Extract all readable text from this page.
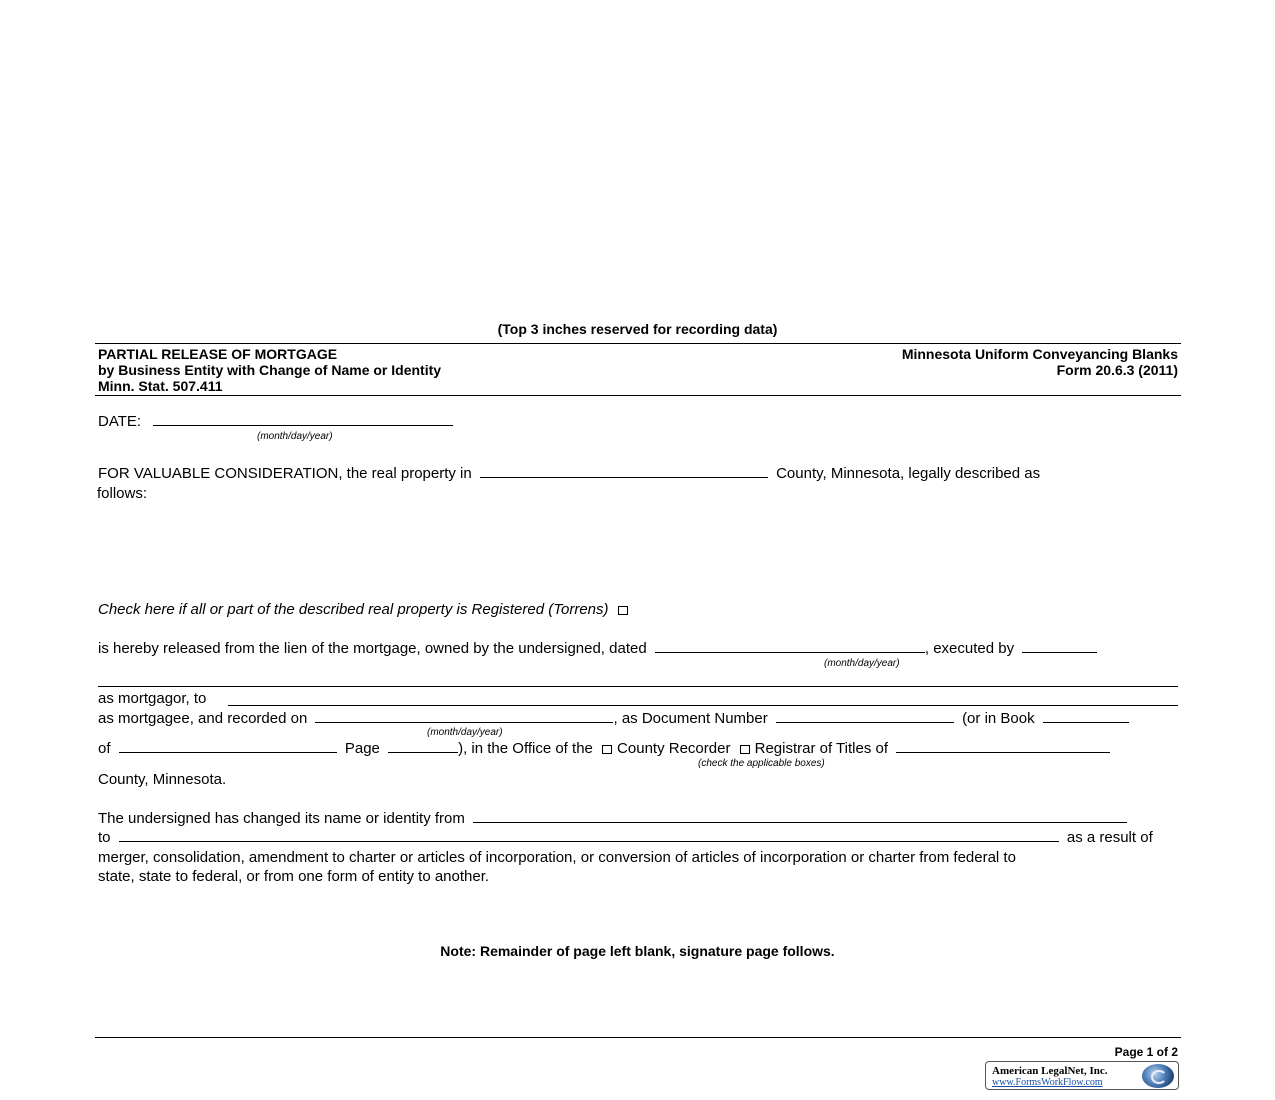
(Top 3 inches reserved for recording data)
PARTIAL RELEASE OF MORTGAGE
by Business Entity with Change of Name or Identity
Minn. Stat. 507.411
Minnesota Uniform Conveyancing Blanks
Form 20.6.3 (2011)
DATE:
(month/day/year)
FOR VALUABLE CONSIDERATION, the real property in	County, Minnesota, legally described as
follows:
Check here if all or part of the described real property is Registered (Torrens)
is hereby released from the lien of the mortgage, owned by the undersigned, dated	, executed by
(month/day/year)
as mortgagor, to
as mortgagee, and recorded on	, as Document Number	(or in Book
(month/day/year)
of	Page	), in the Office of the County Recorder Registrar of Titles of
(check the applicable boxes)
County, Minnesota.
The undersigned has changed its name or identity from
to	as a result of
merger, consolidation, amendment to charter or articles of incorporation, or conversion of articles of incorporation or charter from federal to
state, state to federal, or from one form of entity to another.
Note: Remainder of page left blank, signature page follows.
Page 1 of 2
American LegalNet, Inc.
www.FormsWorkFlow.com
